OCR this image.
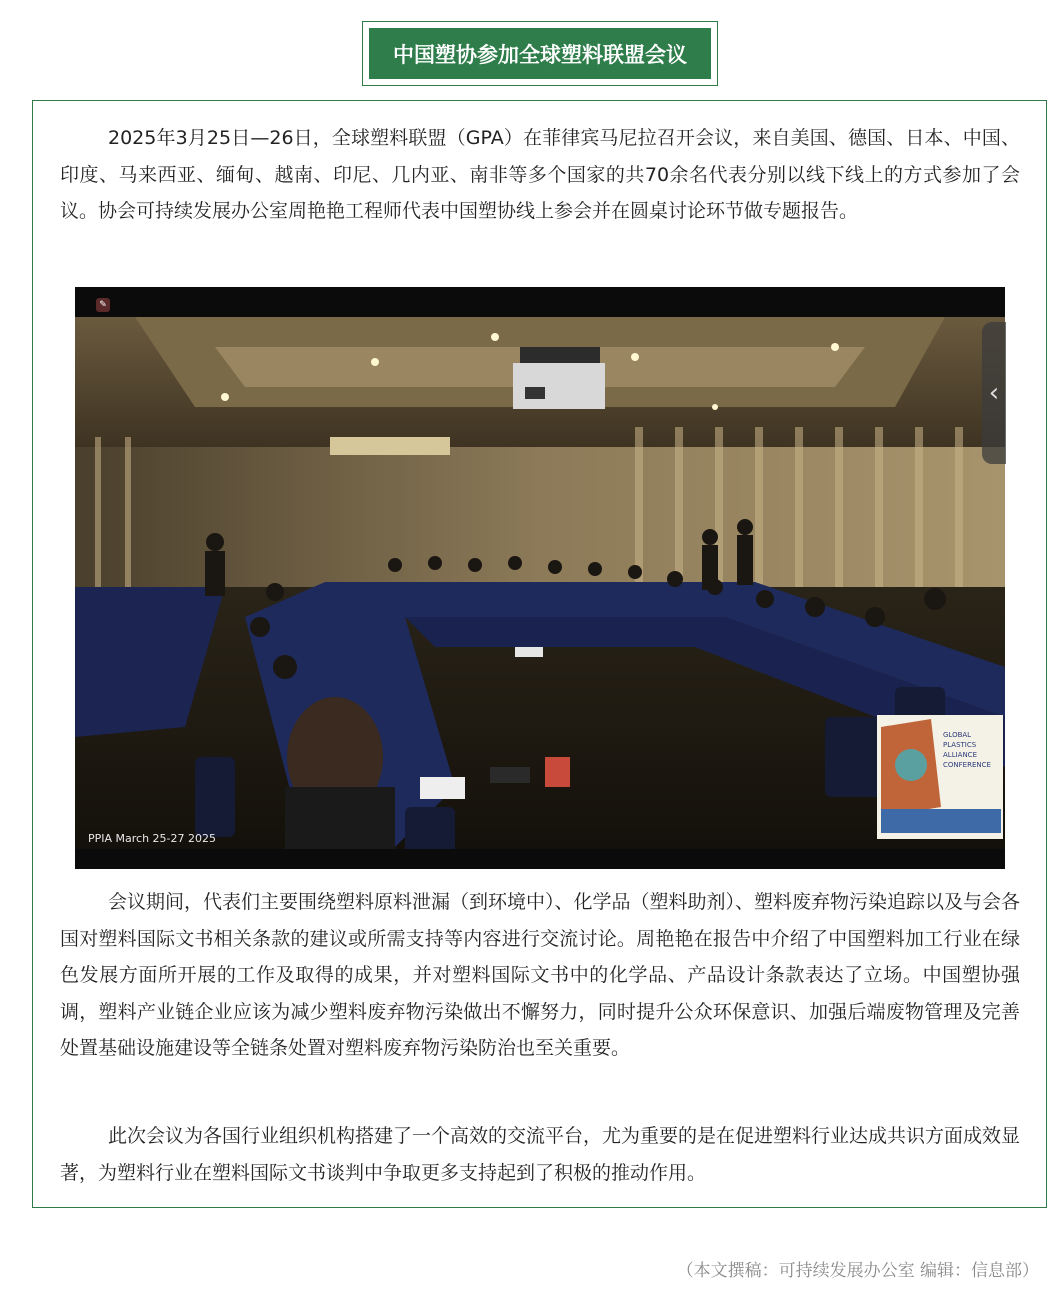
中国塑协参加全球塑料联盟会议

2025年3月25日—26日，全球塑料联盟（GPA）在菲律宾马尼拉召开会议，来自美国、德国、日本、中国、印度、马来西亚、缅甸、越南、印尼、几内亚、南非等多个国家的共70余名代表分别以线下线上的方式参加了会议。协会可持续发展办公室周艳艳工程师代表中国塑协线上参会并在圆桌讨论环节做专题报告。

GLOBAL
PLASTICS
ALLIANCE
CONFERENCE
✎
PPIA March 25-27 2025
‹

会议期间，代表们主要围绕塑料原料泄漏（到环境中）、化学品（塑料助剂）、塑料废弃物污染追踪以及与会各国对塑料国际文书相关条款的建议或所需支持等内容进行交流讨论。周艳艳在报告中介绍了中国塑料加工行业在绿色发展方面所开展的工作及取得的成果，并对塑料国际文书中的化学品、产品设计条款表达了立场。中国塑协强调，塑料产业链企业应该为减少塑料废弃物污染做出不懈努力，同时提升公众环保意识、加强后端废物管理及完善处置基础设施建设等全链条处置对塑料废弃物污染防治也至关重要。

此次会议为各国行业组织机构搭建了一个高效的交流平台，尤为重要的是在促进塑料行业达成共识方面成效显著，为塑料行业在塑料国际文书谈判中争取更多支持起到了积极的推动作用。

（本文撰稿：可持续发展办公室 编辑：信息部）
